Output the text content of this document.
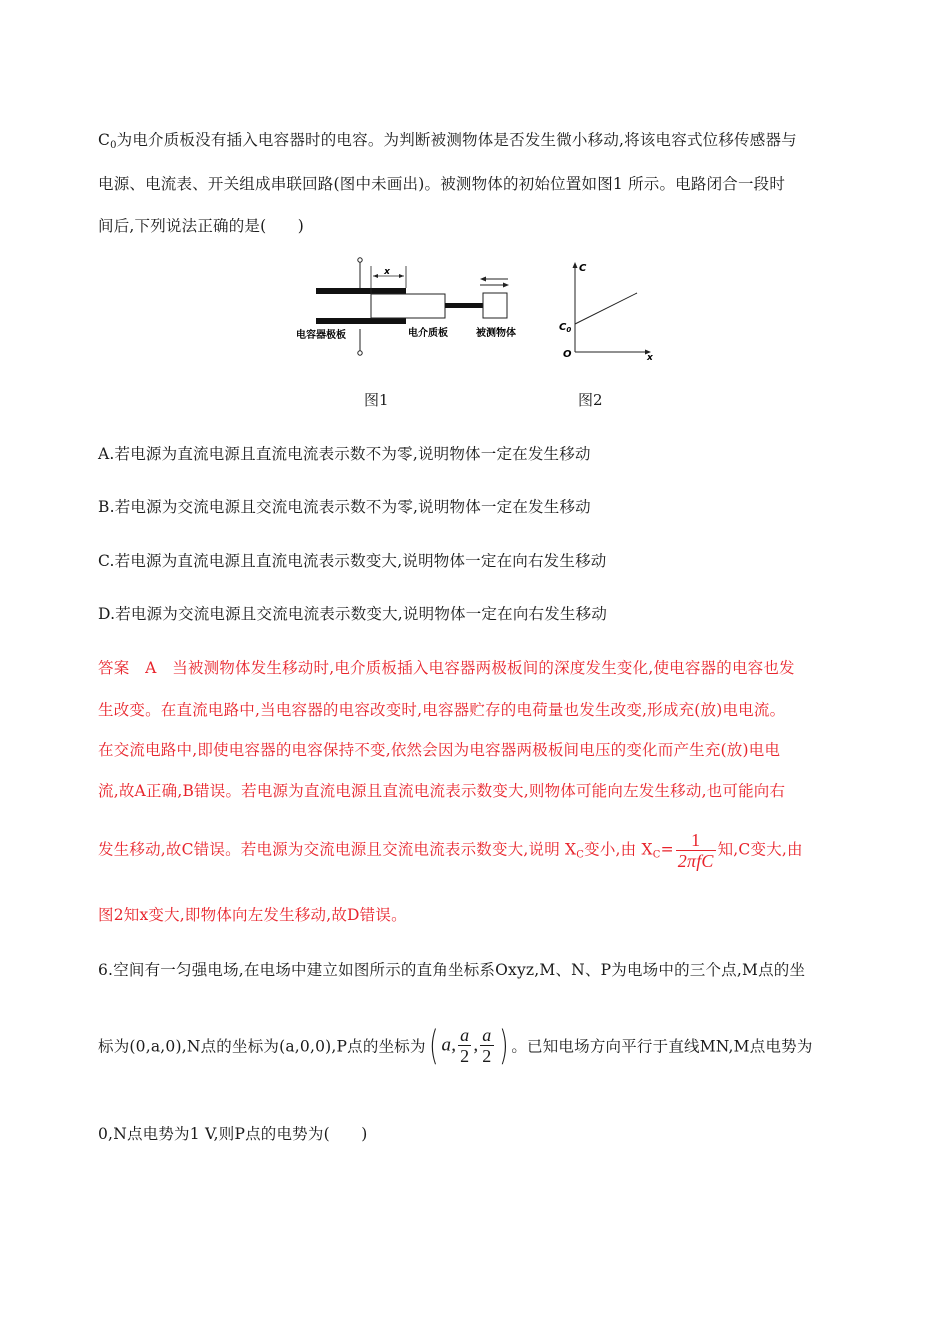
$C_0$为电介质板没有插入电容器时的电容。为判断被测物体是否发生微小移动,将该电容式位移传感器与
电源、电流表、开关组成串联回路(图中未画出)。被测物体的初始位置如图1 所示。电路闭合一段时
间后,下列说法正确的是(　　)
x
电容器极板	电介质板	被测物体
C
$C_0$
O	x
图1	图2
A.若电源为直流电源且直流电流表示数不为零,说明物体一定在发生移动
B.若电源为交流电源且交流电流表示数不为零,说明物体一定在发生移动
C.若电源为直流电源且直流电流表示数变大,说明物体一定在向右发生移动
D.若电源为交流电源且交流电流表示数变大,说明物体一定在向右发生移动
答案　A　当被测物体发生移动时,电介质板插入电容器两极板间的深度发生变化,使电容器的电容也发
生改变。在直流电路中,当电容器的电容改变时,电容器贮存的电荷量也发生改变,形成充(放)电电流。
在交流电路中,即使电容器的电容保持不变,依然会因为电容器两极板间电压的变化而产生充(放)电电
流,故A正确,B错误。若电源为直流电源且直流电流表示数变大,则物体可能向左发生移动,也可能向右
发生移动,故C错误。若电源为交流电源且交流电流表示数变大,说明 $X_C$变小,由 $X_C= \frac{1}{\text{2πfC}}$ 知,C变大,由
图2知x变大,即物体向左发生移动,故D错误。
6.空间有一匀强电场,在电场中建立如图所示的直角坐标系Oxyz,M、N、P为电场中的三个点,M点的坐
标为(0,a,0),N点的坐标为(a,0,0),P点的坐标为( a, $\frac{a}{2}$ , $\frac{a}{2}$ ) 。已知电场方向平行于直线MN,M点电势为
0,N点电势为1 V,则P点的电势为(　　)
